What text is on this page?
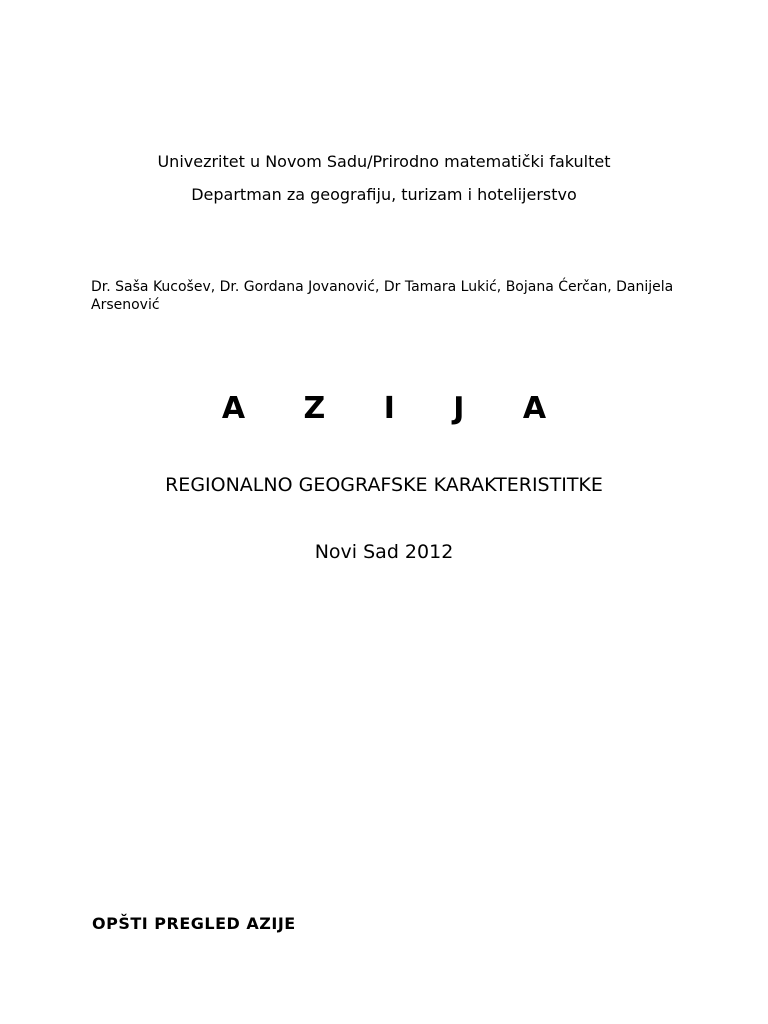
Univezritet u Novom Sadu/Prirodno matematički fakultet
Departman za geografiju, turizam i hotelijerstvo
Dr. Saša Kucošev, Dr. Gordana Jovanović, Dr Tamara Lukić, Bojana Ćerčan, Danijela Arsenović
A Z I J A
REGIONALNO GEOGRAFSKE KARAKTERISTITKE
Novi Sad 2012
OPŠTI PREGLED AZIJE
